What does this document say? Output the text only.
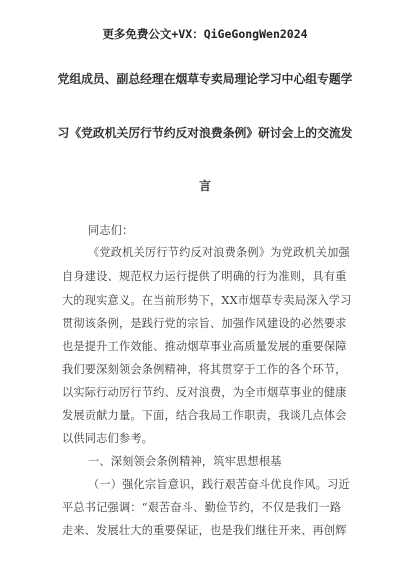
更多免费公文+VX：QiGeGongWen2024
党组成员、副总经理在烟草专卖局理论学习中心组专题学
习《党政机关厉行节约反对浪费条例》研讨会上的交流发
言
同志们：
《党政机关厉行节约反对浪费条例》为党政机关加强
自身建设、规范权力运行提供了明确的行为准则，具有重
大的现实意义。在当前形势下，XX市烟草专卖局深入学习
贯彻该条例，是践行党的宗旨、加强作风建设的必然要求
也是提升工作效能、推动烟草事业高质量发展的重要保障
我们要深刻领会条例精神，将其贯穿于工作的各个环节，
以实际行动厉行节约、反对浪费，为全市烟草事业的健康
发展贡献力量。下面，结合我局工作职责，我谈几点体会
以供同志们参考。
一、深刻领会条例精神，筑牢思想根基
（一）强化宗旨意识，践行艰苦奋斗优良作风。习近
平总书记强调：“艰苦奋斗、勤俭节约，不仅是我们一路
走来、发展壮大的重要保证，也是我们继往开来、再创辉
